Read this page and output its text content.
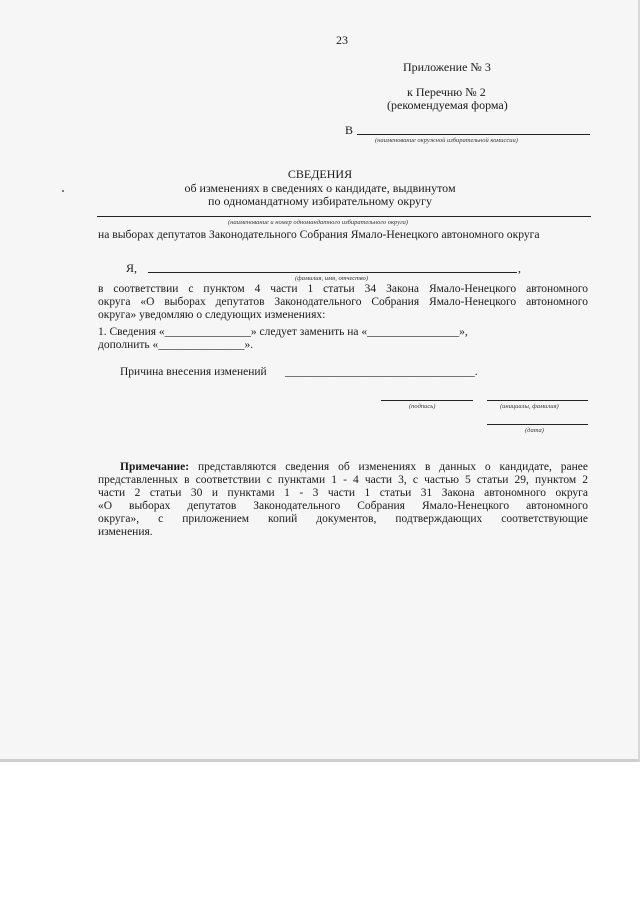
23
Приложение № 3
к Перечню № 2
(рекомендуемая форма)
В
(наименование окружной избирательной комиссии)
СВЕДЕНИЯ
об изменениях в сведениях о кандидате, выдвинутом
по одномандатному избирательному округу
(наименование и номер одномандатного избирательного округа)
на выборах депутатов Законодательного Собрания Ямало-Ненецкого автономного округа
Я,	,
(фамилия, имя, отчество)
в соответствии с пунктом 4 части 1 статьи 34 Закона Ямало-Ненецкого автономного
округа «О выборах депутатов Законодательного Собрания Ямало-Ненецкого автономного
округа» уведомляю о следующих изменениях:
1. Сведения «_______________» следует заменить на «________________»,
дополнить «_______________».
Причина внесения изменений _________________________________.
(подпись)	(инициалы, фамилия)
(дата)
Примечание: представляются сведения об изменениях в данных о кандидате, ранее
представленных в соответствии с пунктами 1 - 4 части 3, с частью 5 статьи 29, пунктом 2
части 2 статьи 30 и пунктами 1 - 3 части 1 статьи 31 Закона автономного округа
«О выборах депутатов Законодательного Собрания Ямало-Ненецкого автономного
округа», с приложением копий документов, подтверждающих соответствующие
изменения.
